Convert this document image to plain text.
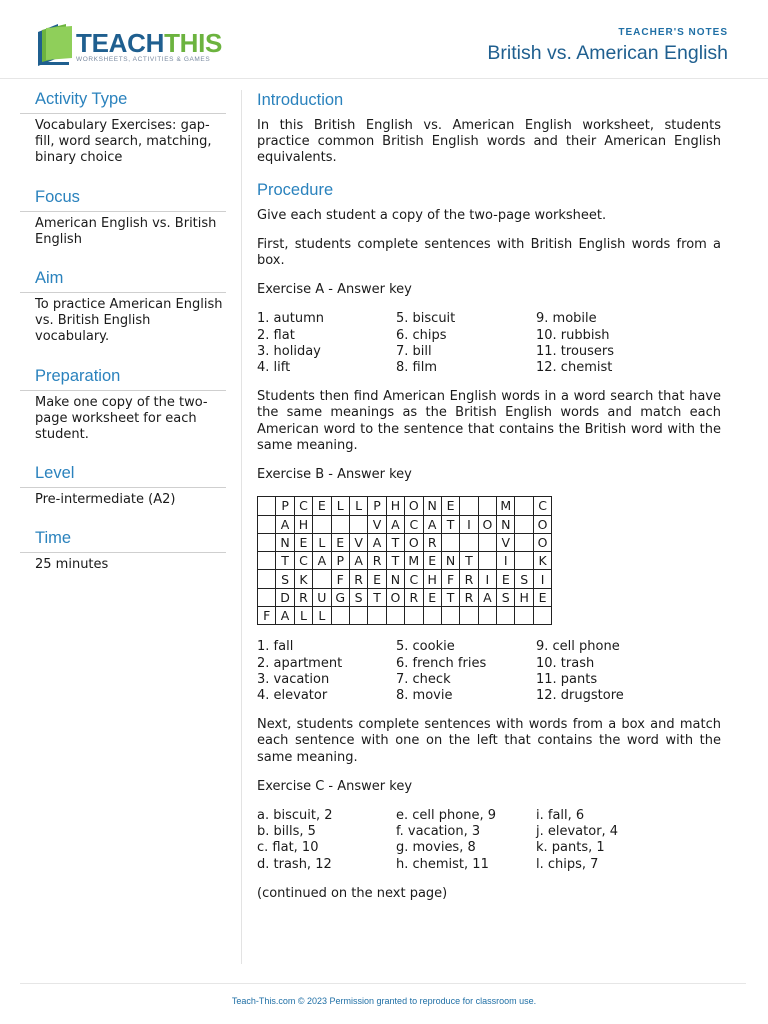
TEACHTHIS
WORKSHEETS, ACTIVITIES & GAMES
TEACHER'S NOTES
British vs. American English
Activity Type
Vocabulary Exercises: gap-fill, word search, matching, binary choice
Focus
American English vs. British English
Aim
To practice American English vs. British English vocabulary.
Preparation
Make one copy of the two-page worksheet for each student.
Level
Pre-intermediate (A2)
Time
25 minutes
Introduction

In this British English vs. American English worksheet, students practice common British English words and their American English equivalents.

Procedure

Give each student a copy of the two-page worksheet.

First, students complete sentences with British English words from a box.

Exercise A - Answer key

1. autumn	5. biscuit	9. mobile
2. flat	6. chips	10. rubbish
3. holiday	7. bill	11. trousers
4. lift	8. film	12. chemist

Students then find American English words in a word search that have the same meanings as the British English words and match each American word to the sentence that contains the British word with the same meaning.

Exercise B - Answer key

	P	C	E	L	L	P	H	O	N	E			M		C
	A	H				V	A	C	A	T	I	O	N		O
	N	E	L	E	V	A	T	O	R				V		O
	T	C	A	P	A	R	T	M	E	N	T		I		K
	S	K		F	R	E	N	C	H	F	R	I	E	S	I
	D	R	U	G	S	T	O	R	E	T	R	A	S	H	E
F	A	L	L												
1. fall	5. cookie	9. cell phone
2. apartment	6. french fries	10. trash
3. vacation	7. check	11. pants
4. elevator	8. movie	12. drugstore

Next, students complete sentences with words from a box and match each sentence with one on the left that contains the word with the same meaning.

Exercise C - Answer key

a. biscuit, 2	e. cell phone, 9	i. fall, 6
b. bills, 5	f. vacation, 3	j. elevator, 4
c. flat, 10	g. movies, 8	k. pants, 1
d. trash, 12	h. chemist, 11	l. chips, 7

(continued on the next page)

Teach-This.com © 2023 Permission granted to reproduce for classroom use.
